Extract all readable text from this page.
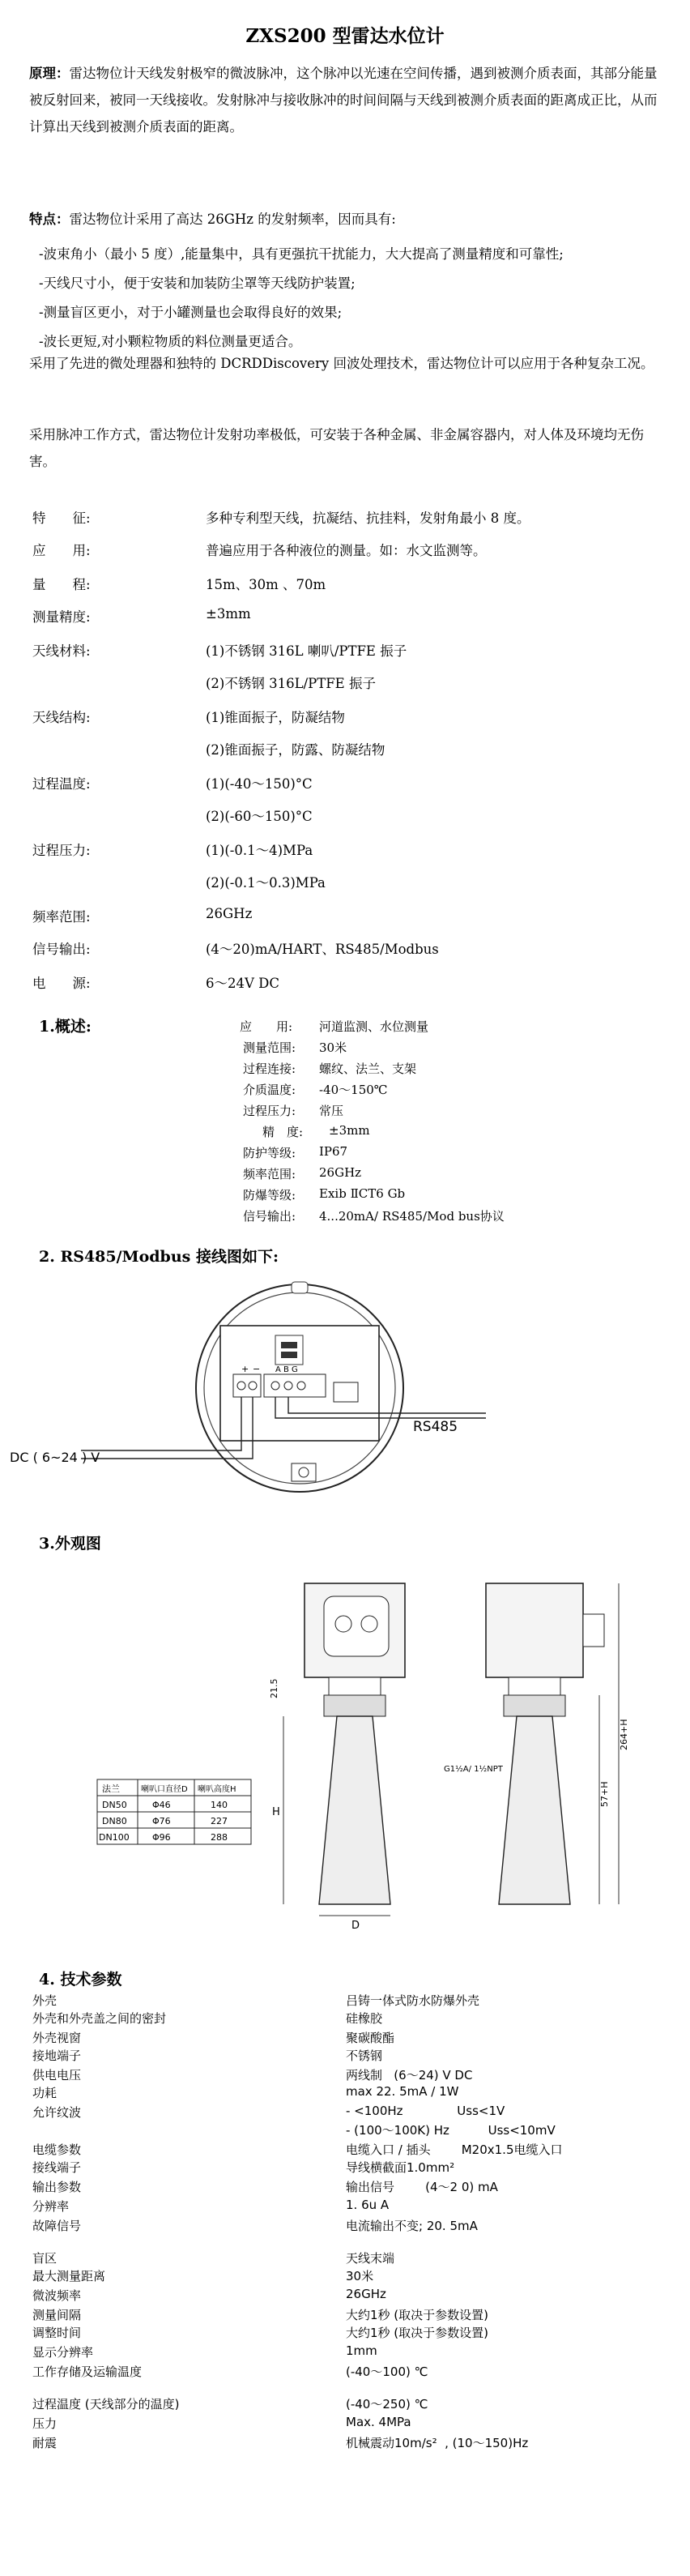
ZXS200 型雷达水位计
原理：雷达物位计天线发射极窄的微波脉冲，这个脉冲以光速在空间传播，遇到被测介质表面，其部分能量被反射回来，被同一天线接收。发射脉冲与接收脉冲的时间间隔与天线到被测介质表面的距离成正比，从而计算出天线到被测介质表面的距离。
特点：雷达物位计采用了高达 26GHz 的发射频率，因而具有:
-波束角小（最小 5 度）,能量集中，具有更强抗干扰能力，大大提高了测量精度和可靠性;
-天线尺寸小，便于安装和加装防尘罩等天线防护装置;
-测量盲区更小，对于小罐测量也会取得良好的效果;
-波长更短,对小颗粒物质的料位测量更适合。
采用了先进的微处理器和独特的 DCRDDiscovery 回波处理技术，雷达物位计可以应用于各种复杂工况。
采用脉冲工作方式，雷达物位计发射功率极低，可安装于各种金属、非金属容器内，对人体及环境均无伤害。
特　　征:	多种专利型天线，抗凝结、抗挂料，发射角最小 8 度。
应　　用:	普遍应用于各种液位的测量。如：水文监测等。
量　　程:	15m、30m 、70m
测量精度:	±3mm
天线材料:	(1)不锈钢 316L 喇叭/PTFE 振子
(2)不锈钢 316L/PTFE 振子
天线结构:	(1)锥面振子，防凝结物
(2)锥面振子，防露、防凝结物
过程温度:	(1)(-40～150)°C
(2)(-60～150)°C
过程压力:	(1)(-0.1～4)MPa
(2)(-0.1～0.3)MPa
频率范围:	26GHz
信号输出:	(4～20)mA/HART、RS485/Modbus
电　　源:	6～24V DC
1.概述:	应　　用: 河道监测、水位测量
测量范围: 30米
过程连接: 螺纹、法兰、支架
介质温度: -40～150℃
过程压力: 常压
精　度: ±3mm
防护等级: IP67
频率范围: 26GHz
防爆等级: Exib ⅡCT6 Gb
信号输出: 4...20mA/ RS485/Mod bus协议
2. RS485/Modbus 接线图如下:
+ − A B G
RS485
DC ( 6~24 ) V
3.外观图
法兰	喇叭口直径D 喇叭高度H
DN50	Φ46	140
DN80	Φ76	227
DN100	Φ96	288
H
21.5
D
264+H
57+H
G1½A/ 1½NPT
4. 技术参数
外壳	吕铸一体式防水防爆外壳
外壳和外壳盖之间的密封	硅橡胶
外壳视窗	聚碳酸酯
接地端子	不锈钢
供电电压	两线制   (6～24) V DC
功耗	max 22. 5mA / 1W
允许纹波	- <100Hz              Uss<1V
- (100～100K) Hz          Uss<10mV
电缆参数	电缆入口 / 插头        M20x1.5电缆入口
接线端子	导线横截面1.0mm²
输出参数	输出信号        (4～2 0) mA
分辨率	1. 6u A
故障信号	电流输出不变; 20. 5mA
盲区	天线末端
最大测量距离	30米
微波频率	26GHz
测量间隔	大约1秒 (取决于参数设置)
调整时间	大约1秒 (取决于参数设置)
显示分辨率	1mm
工作存储及运输温度	(-40～100) ℃
过程温度 (天线部分的温度)	(-40～250) ℃
压力	Max. 4MPa
耐震	机械震动10m/s²  , (10～150)Hz
